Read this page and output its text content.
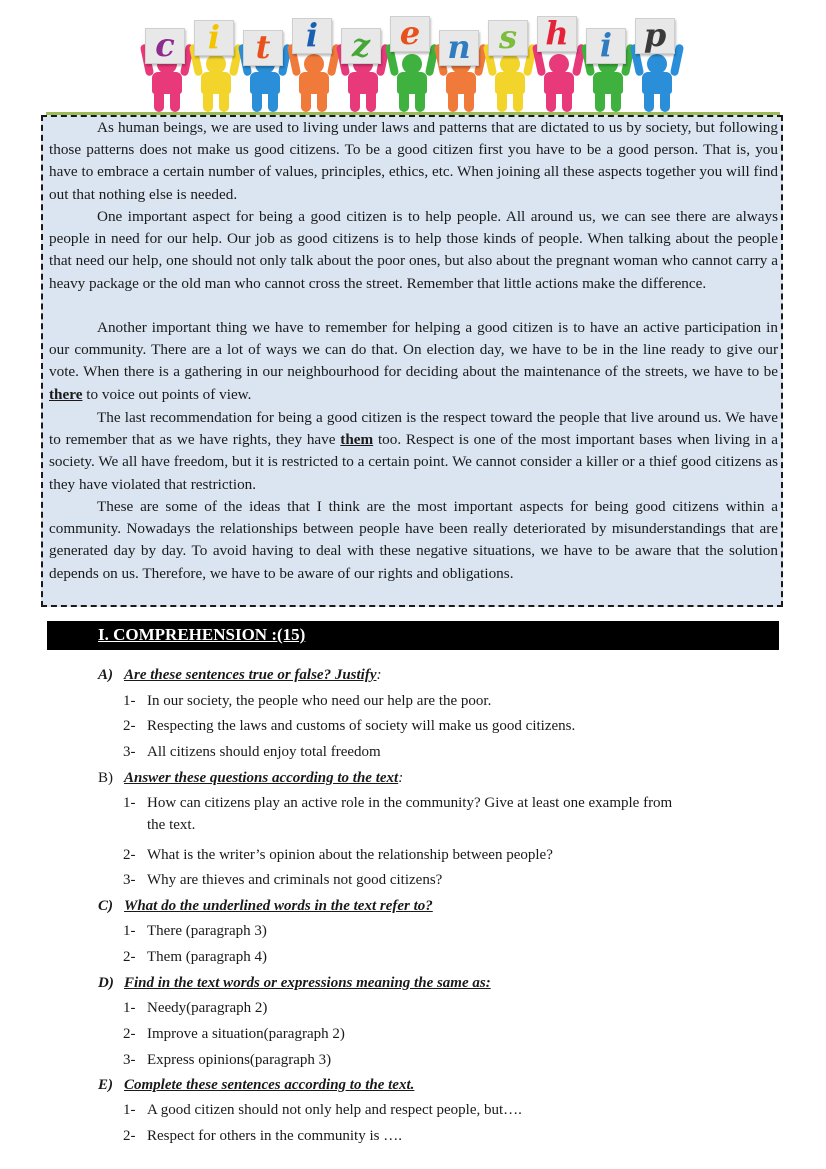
c	i	t	i	z e n s h i p

As human beings, we are used to living under laws and patterns that are dictated to us by society, but following those patterns does not make us good citizens. To be a good citizen first you have to be a good person. That is, you have to embrace a certain number of values, principles, ethics, etc. When joining all these aspects together you will find out that nothing else is needed.

One important aspect for being a good citizen is to help people. All around us, we can see there are always people in need for our help. Our job as good citizens is to help those kinds of people. When talking about the people that need our help, one should not only talk about the poor ones, but also about the pregnant woman who cannot carry a heavy package or the old man who cannot cross the street. Remember that little actions make the difference.

Another important thing we have to remember for helping a good citizen is to have an active participation in our community. There are a lot of ways we can do that. On election day, we have to be in the line ready to give our vote. When there is a gathering in our neighbourhood for deciding about the maintenance of the streets, we have to be there to voice out points of view.

The last recommendation for being a good citizen is the respect toward the people that live around us. We have to remember that as we have rights, they have them too. Respect is one of the most important bases when living in a society. We all have freedom, but it is restricted to a certain point. We cannot consider a killer or a thief good citizens as they have violated that restriction.

These are some of the ideas that I think are the most important aspects for being good citizens within a community. Nowadays the relationships between people have been really deteriorated by misunderstandings that are generated day by day. To avoid having to deal with these negative situations, we have to be aware that the solution depends on us. Therefore, we have to be aware of our rights and obligations.

I. COMPREHENSION :(15)
A) Are these sentences true or false? Justify:
1- In our society, the people who need our help are the poor.
2- Respecting the laws and customs of society will make us good citizens.
3- All citizens should enjoy total freedom
B) Answer these questions according to the text:
1- How can citizens play an active role in the community? Give at least one example from
the text.
2- What is the writer’s opinion about the relationship between people?
3- Why are thieves and criminals not good citizens?
C) What do the underlined words in the text refer to?
1- There (paragraph 3)
2- Them (paragraph 4)
D) Find in the text words or expressions meaning the same as:
1- Needy(paragraph 2)
2- Improve a situation(paragraph 2)
3- Express opinions(paragraph 3)
E) Complete these sentences according to the text.
1- A good citizen should not only help and respect people, but….
2- Respect for others in the community is ….
